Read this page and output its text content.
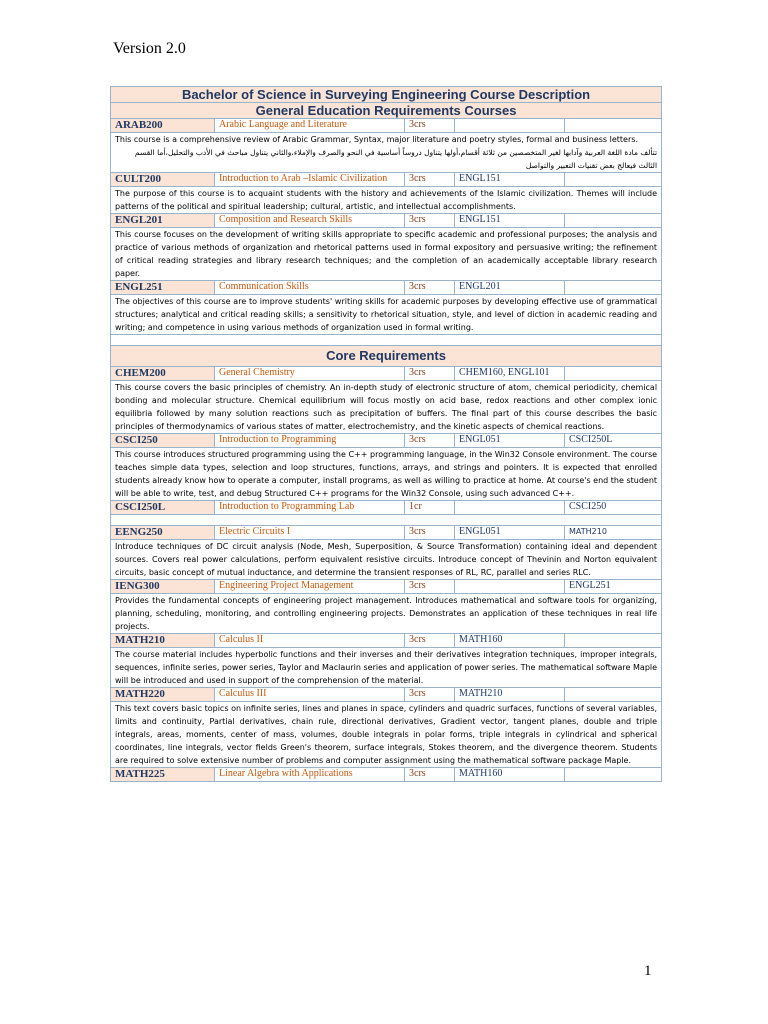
Version 2.0
Bachelor of Science in Surveying Engineering Course Description				
General Education Requirements Courses				
ARAB200	Arabic Language and Literature	3crs		
This course is a comprehensive review of Arabic Grammar, Syntax, major literature and poetry styles, formal and business letters.
تتألف مادة اللغة العربية وآدابها لغير المتخصصين من ثلاثة أقسام،أولها يتناول دروساً أساسية في النحو والصرف والإملاء،والثاني يتناول مباحث في الأدب والتحليل،أما القسم الثالث فيعالج بعض تقنيات التعبير والتواصل				

CULT200	Introduction to Arab –Islamic Civilization	3crs	ENGL151	
The purpose of this course is to acquaint students with the history and achievements of the Islamic civilization. Themes will include patterns of the political and spiritual leadership; cultural, artistic, and intellectual accomplishments.				
ENGL201	Composition and Research Skills	3crs	ENGL151	
This course focuses on the development of writing skills appropriate to specific academic and professional purposes; the analysis and practice of various methods of organization and rhetorical patterns used in formal expository and persuasive writing; the refinement of critical reading strategies and library research techniques; and the completion of an academically acceptable library research paper.				
ENGL251	Communication Skills	3crs	ENGL201	
The objectives of this course are to improve students' writing skills for academic purposes by developing effective use of grammatical structures; analytical and critical reading skills; a sensitivity to rhetorical situation, style, and level of diction in academic reading and writing; and competence in using various methods of organization used in formal writing.				

Core Requirements				
CHEM200	General Chemistry	3crs	CHEM160, ENGL101	
This course covers the basic principles of chemistry. An in-depth study of electronic structure of atom, chemical periodicity, chemical bonding and molecular structure. Chemical equilibrium will focus mostly on acid base, redox reactions and other complex ionic equilibria followed by many solution reactions such as precipitation of buffers. The final part of this course describes the basic principles of thermodynamics of various states of matter, electrochemistry, and the kinetic aspects of chemical reactions.				
CSCI250	Introduction to Programming	3crs	ENGL051	CSCI250L
This course introduces structured programming using the C++ programming language, in the Win32 Console environment. The course teaches simple data types, selection and loop structures, functions, arrays, and strings and pointers. It is expected that enrolled students already know how to operate a computer, install programs, as well as willing to practice at home. At course's end the student will be able to write, test, and debug Structured C++ programs for the Win32 Console, using such advanced C++.				
CSCI250L	Introduction to Programming Lab	1cr		CSCI250

EENG250	Electric Circuits I	3crs	ENGL051	MATH210
Introduce techniques of DC circuit analysis (Node, Mesh, Superposition, & Source Transformation) containing ideal and dependent sources. Covers real power calculations, perform equivalent resistive circuits. Introduce concept of Thevinin and Norton equivalent circuits, basic concept of mutual inductance, and determine the transient responses of RL, RC, parallel and series RLC.				
IENG300	Engineering Project Management	3crs		ENGL251
Provides the fundamental concepts of engineering project management. Introduces mathematical and software tools for organizing, planning, scheduling, monitoring, and controlling engineering projects. Demonstrates an application of these techniques in real life projects.				
MATH210	Calculus II	3crs	MATH160	
The course material includes hyperbolic functions and their inverses and their derivatives integration techniques, improper integrals, sequences, infinite series, power series, Taylor and Maclaurin series and application of power series. The mathematical software Maple will be introduced and used in support of the comprehension of the material.				
MATH220	Calculus III	3crs	MATH210	
This text covers basic topics on infinite series, lines and planes in space, cylinders and quadric surfaces, functions of several variables, limits and continuity, Partial derivatives, chain rule, directional derivatives, Gradient vector, tangent planes, double and triple integrals, areas, moments, center of mass, volumes, double integrals in polar forms, triple integrals in cylindrical and spherical coordinates, line integrals, vector fields Green's theorem, surface integrals, Stokes theorem, and the divergence theorem. Students are required to solve extensive number of problems and computer assignment using the mathematical software package Maple.				
MATH225	Linear Algebra with Applications	3crs	MATH160	
1
